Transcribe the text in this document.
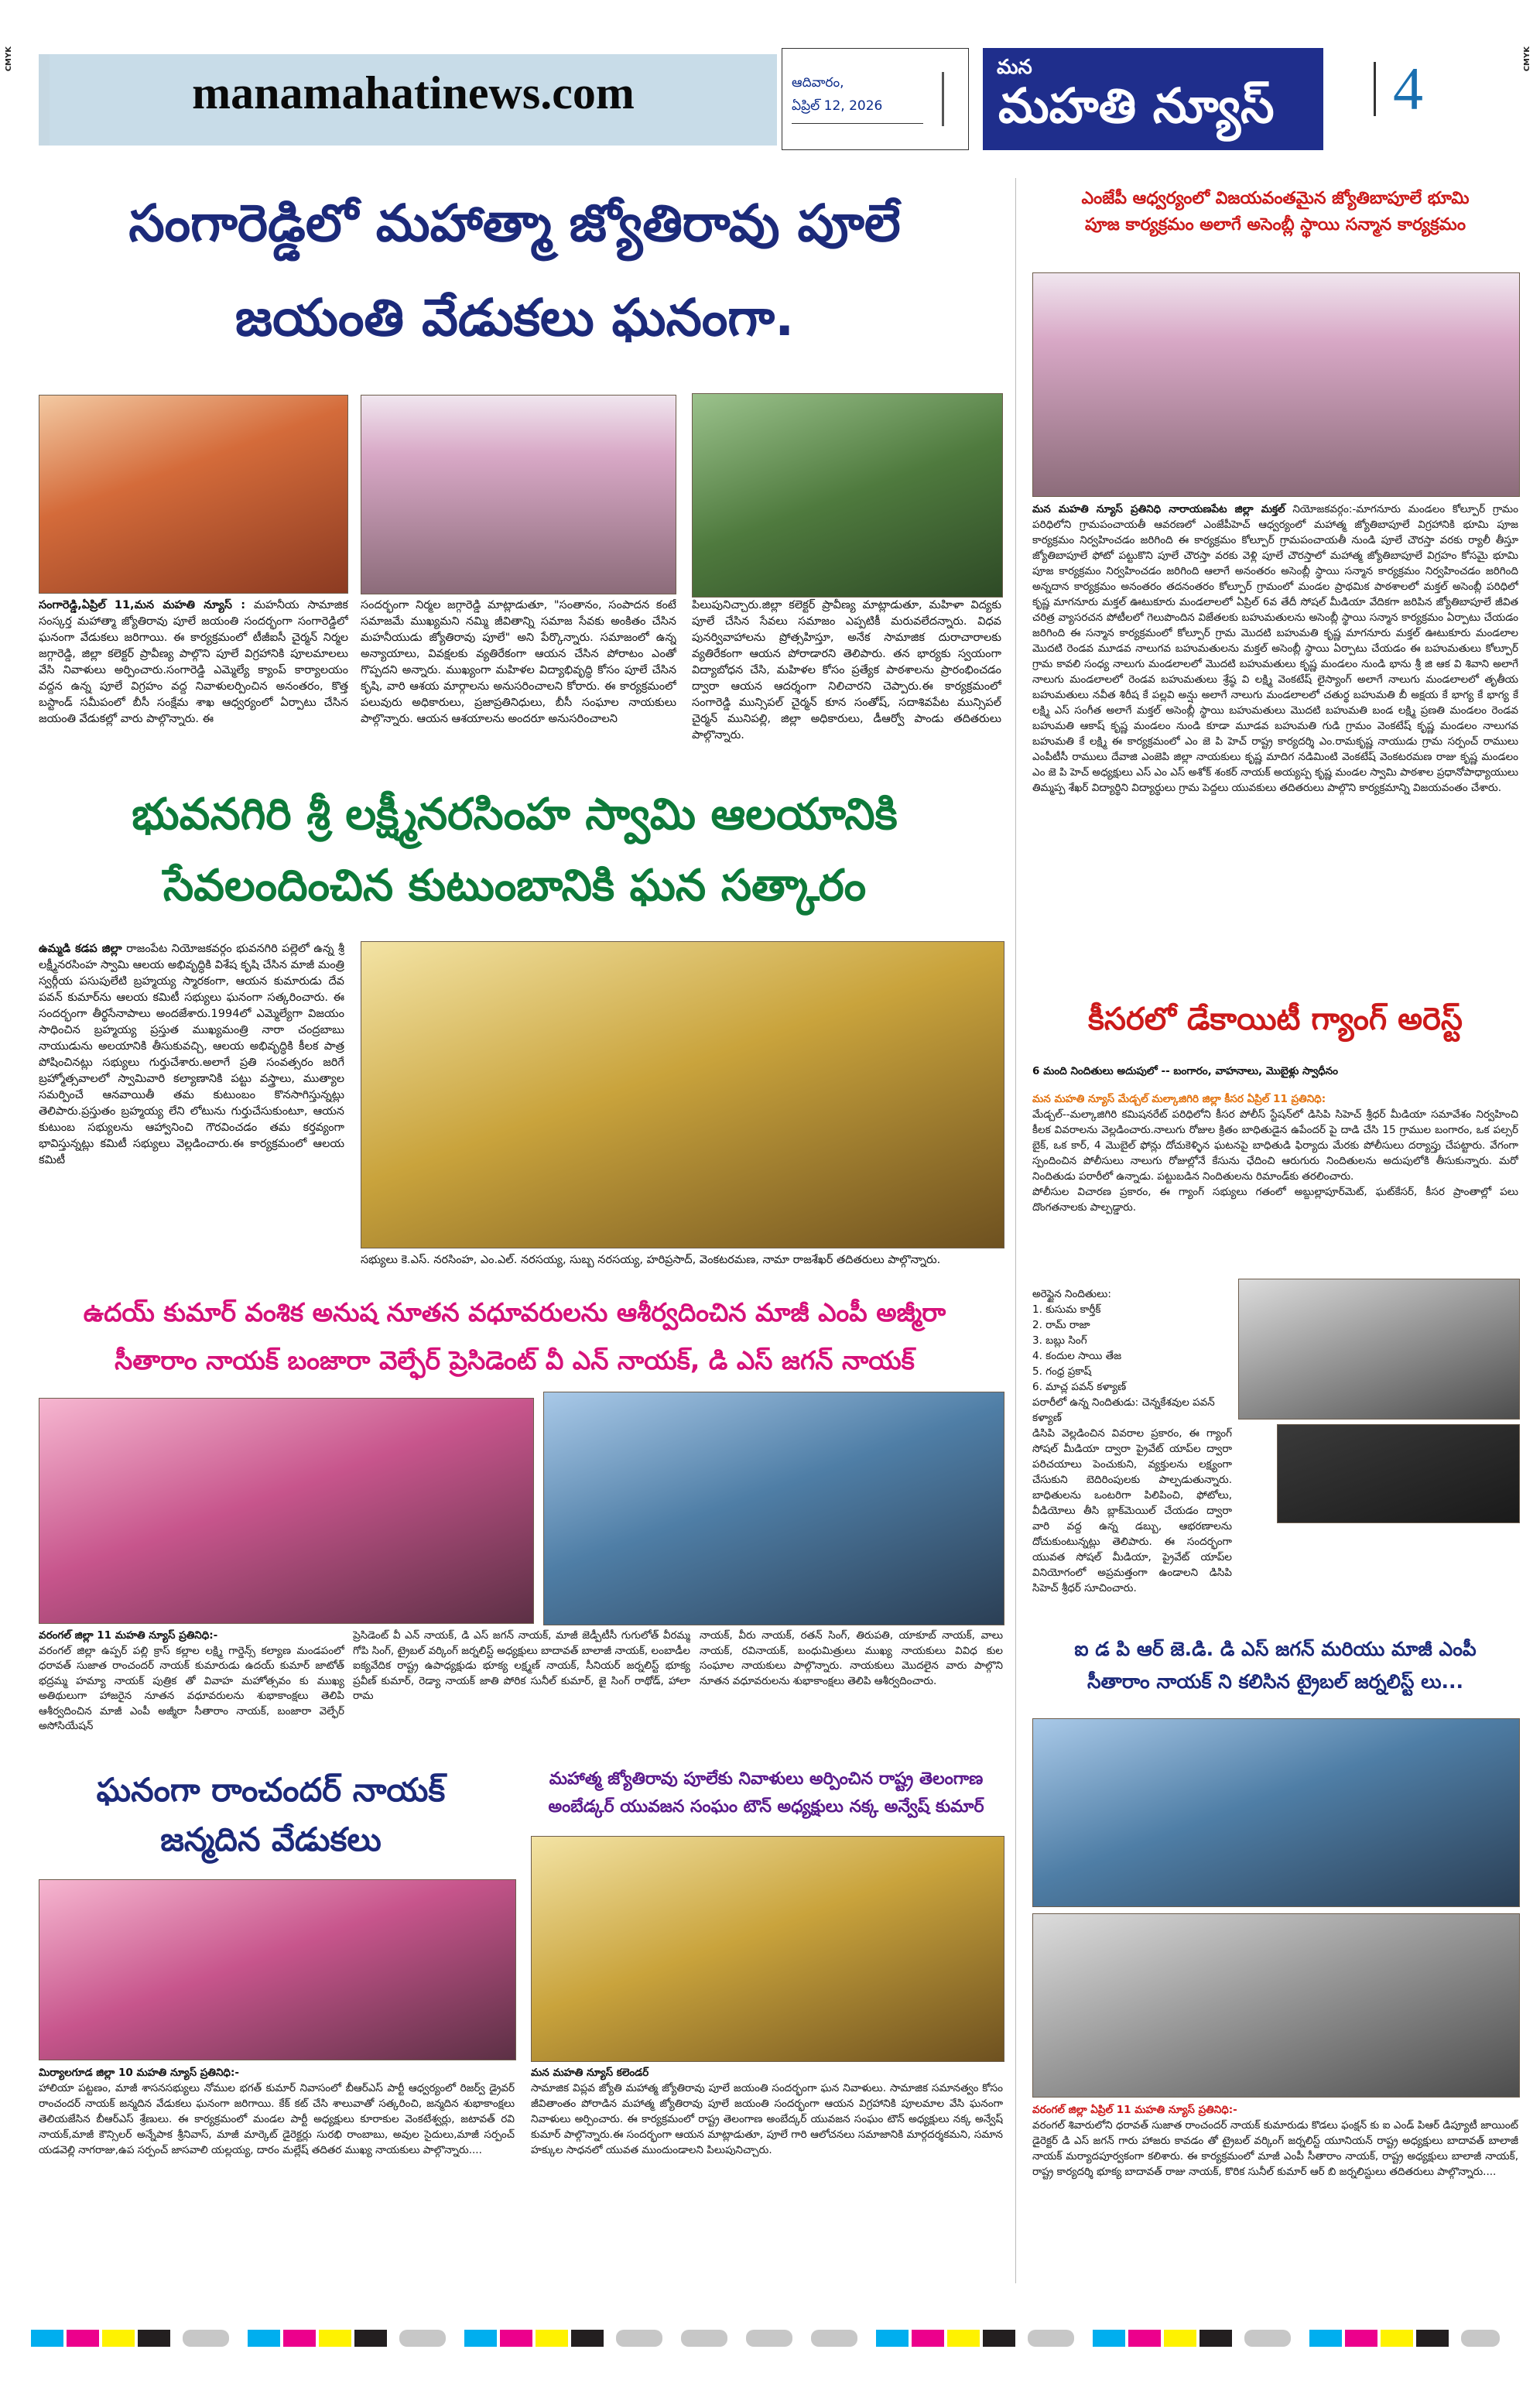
CMYK	CMYK
manamahatinews.com	ఆదివారం,
ఏప్రిల్ 12, 2026
మన
మహతి న్యూస్ 4
సంగారెడ్డిలో మహాత్మా జ్యోతిరావు పూలే
జయంతి వేడుకలు ఘనంగా.
సంగారెడ్డి,ఏప్రిల్ 11,మన మహతి న్యూస్ : మహనీయ సామాజిక సంస్కర్త మహాత్మా జ్యోతిరావు పూలే జయంతి సందర్భంగా సంగారెడ్డిలో ఘనంగా వేడుకలు జరిగాయి. ఈ కార్యక్రమంలో టీజీఐసీ చైర్మన్ నిర్మల జగ్గారెడ్డి, జిల్లా కలెక్టర్ ప్రావీణ్య పాల్గొని పూలే విగ్రహానికి పూలమాలలు వేసి నివాళులు అర్పించారు.సంగారెడ్డి ఎమ్మెల్యే క్యాంప్ కార్యాలయం వద్దన ఉన్న పూలే విగ్రహం వద్ద నివాళులర్పించిన అనంతరం, కొత్త బస్టాండ్ సమీపంలో బీసీ సంక్షేమ శాఖ ఆధ్వర్యంలో ఏర్పాటు చేసిన జయంతి వేడుకల్లో వారు పాల్గొన్నారు. ఈ
సందర్భంగా నిర్మల జగ్గారెడ్డి మాట్లాడుతూ, "సంతానం, సంపాదన కంటే సమాజమే ముఖ్యమని నమ్మి జీవితాన్ని సమాజ సేవకు అంకితం చేసిన మహనీయుడు జ్యోతిరావు పూలే" అని పేర్కొన్నారు. సమాజంలో ఉన్న అన్యాయాలు, వివక్షలకు వ్యతిరేకంగా ఆయన చేసిన పోరాటం ఎంతో గొప్పదని అన్నారు. ముఖ్యంగా మహిళల విద్యాభివృద్ధి కోసం పూలే చేసిన కృషి, వారి ఆశయ మార్గాలను అనుసరించాలని కోరారు. ఈ కార్యక్రమంలో పలువురు అధికారులు, ప్రజాప్రతినిధులు, బీసీ సంఘాల నాయకులు పాల్గొన్నారు. ఆయన ఆశయాలను అందరూ అనుసరించాలని
పిలుపునిచ్చారు.జిల్లా కలెక్టర్ ప్రావీణ్య మాట్లాడుతూ, మహిళా విద్యకు పూలే చేసిన సేవలు సమాజం ఎప్పటికీ మరువలేదన్నారు. విధవ పునర్వివాహాలను ప్రోత్సహిస్తూ, అనేక సామాజిక దురాచారాలకు వ్యతిరేకంగా ఆయన పోరాడారని తెలిపారు. తన భార్యకు స్వయంగా విద్యాబోధన చేసి, మహిళల కోసం ప్రత్యేక పాఠశాలను ప్రారంభించడం ద్వారా ఆయన ఆదర్శంగా నిలిచారని చెప్పారు.ఈ కార్యక్రమంలో సంగారెడ్డి మున్సిపల్ చైర్మన్ కూన సంతోష్, సదాశివపేట మున్సిపల్ చైర్మన్ మునిపల్లి, జిల్లా అధికారులు, డీఆర్వో పాండు తదితరులు పాల్గొన్నారు.
భువనగిరి శ్రీ లక్ష్మీనరసింహ స్వామి ఆలయానికి
సేవలందించిన కుటుంబానికి ఘన సత్కారం
ఉమ్మడి కడప జిల్లా రాజంపేట నియోజకవర్గం భువనగిరి పల్లెలో ఉన్న శ్రీ లక్ష్మీనరసింహ స్వామి ఆలయ అభివృద్ధికి విశేష కృషి చేసిన మాజీ మంత్రి స్వర్గీయ పసుపులేటి బ్రహ్మయ్య స్మారకంగా, ఆయన కుమారుడు దేవ పవన్ కుమార్‌ను ఆలయ కమిటీ సభ్యులు ఘనంగా సత్కరించారు. ఈ సందర్భంగా తీర్థసేనాపాలు అందజేశారు.1994లో ఎమ్మెల్యేగా విజయం సాధించిన బ్రహ్మయ్య ప్రస్తుత ముఖ్యమంత్రి నారా చంద్రబాబు నాయుడును అలయానికి తీసుకువచ్చి, ఆలయ అభివృద్ధికి కీలక పాత్ర పోషించినట్లు సభ్యులు గుర్తుచేశారు.అలాగే ప్రతి సంవత్సరం జరిగే బ్రహ్మోత్సవాలలో స్వామివారి కల్యాణానికి పట్టు వస్త్రాలు, ముత్యాల సమర్పించే ఆనవాయితీ తమ కుటుంబం కొనసాగిస్తున్నట్లు తెలిపారు.ప్రస్తుతం బ్రహ్మయ్య లేని లోటును గుర్తుచేసుకుంటూ, ఆయన కుటుంబ సభ్యులను ఆహ్వానించి గౌరవించడం తమ కర్తవ్యంగా భావిస్తున్నట్లు కమిటీ సభ్యులు వెల్లడించారు.ఈ కార్యక్రమంలో ఆలయ కమిటీ
సభ్యులు కె.ఎస్. నరసింహ, ఎం.ఎల్. నరసయ్య, సుబ్బ నరసయ్య, హరిప్రసాద్, వెంకటరమణ, నామా రాజశేఖర్ తదితరులు పాల్గొన్నారు.
ఉదయ్ కుమార్ వంశిక అనుష నూతన వధూవరులను ఆశీర్వదించిన మాజీ ఎంపీ అజ్మీరా
సీతారాం నాయక్ బంజారా వెల్ఫేర్ ప్రెసిడెంట్ వీ ఎన్ నాయక్, డి ఎస్ జగన్ నాయక్
వరంగల్ జిల్లా 11 మహతి న్యూస్ ప్రతినిధి:-
వరంగల్ జిల్లా ఉప్పర్ పల్లి క్రాస్ కల్లాల లక్ష్మి గార్డెన్స్ కల్యాణ మండపంలో ధరావత్ సుజాత రాంచందర్ నాయక్ కుమారుడు ఉదయ్ కుమార్ జాటోత్ భద్రమ్మ హమ్యా నాయక్ పుత్రిక తో వివాహ మహోత్సవం కు ముఖ్య అతిథులుగా హాజరైన నూతన వధూవరులను శుభాకాంక్షలు తెలిపి ఆశీర్వదించిన మాజీ ఎంపీ అజ్మీరా సీతారాం నాయక్, బంజారా వెల్ఫేర్ అసోసియేషన్
ప్రెసిడెంట్ వీ ఎన్ నాయక్, డి ఎస్ జగన్ నాయక్, మాజీ జెడ్పీటీసీ గుగులోత్ వీరమ్మ గోపి సింగ్, ట్రైబల్ వర్కింగ్ జర్నలిస్ట్ అధ్యక్షులు బాదావత్ బాలాజీ నాయక్, లంబాడీల ఐక్యవేదిక రాష్ట్ర ఉపాధ్యక్షుడు భూక్య లక్ష్మణ్ నాయక్, సీనియర్ జర్నలిస్ట్ భూక్య ప్రవీణ్ కుమార్, రెడ్యా నాయక్ జాతి పోరిక సునీల్ కుమార్, జై సింగ్ రాథోడ్, హాలా రామ
నాయక్, వీరు నాయక్, రతన్ సింగ్, తిరుపతి, యాకూబ్ నాయక్, వాలు నాయక్, రవినాయక్, బంధుమిత్రులు ముఖ్య నాయకులు వివిధ కుల సంఘాల నాయకులు పాల్గొన్నారు. నాయకులు మొదలైన వారు పాల్గొని నూతన వధూవరులను శుభాకాంక్షలు తెలిపి ఆశీర్వదించారు.
ఘనంగా రాంచందర్ నాయక్
జన్మదిన వేడుకలు
మిర్యాలగూడ జిల్లా 10 మహతి న్యూస్ ప్రతినిధి:-
హాలియా పట్టణం, మాజీ శాసనసభ్యులు నోముల భగత్ కుమార్ నివాసంలో బీఆర్ఎస్ పార్టీ ఆధ్వర్యంలో రిజర్వ్ డ్రైవర్ రాంచందర్ నాయక్ జన్మదిన వేడుకలు ఘనంగా జరిగాయి. కేక్ కట్ చేసి శాలువాతో సత్కరించి, జన్మదిన శుభాకాంక్షలు తెలియజేసిన బీఆర్ఎస్ శ్రేణులు. ఈ కార్యక్రమంలో మండల పార్టీ అధ్యక్షులు కూరాకుల వెంకటేశ్వర్లు, జటావత్ రవి నాయక్,మాజీ కౌన్సిలర్ అన్నేపాక శ్రీనివాస్, మాజీ మార్కెట్ డైరెక్టర్లు సురభి రాంబాబు, అవుల సైదులు,మాజీ సర్పంచ్ యడవెల్లి నాగరాజు,ఉప సర్పంచ్ జాసవాలి యల్లయ్య, దారం మల్లేష్ తదితర ముఖ్య నాయకులు పాల్గొన్నారు....
మహాత్మ జ్యోతిరావు పూలేకు నివాళులు అర్పించిన రాష్ట్ర తెలంగాణ
అంబేడ్కర్ యువజన సంఘం టౌన్ అధ్యక్షులు నక్క అన్వేష్ కుమార్
మన మహతి న్యూస్ కలెండర్
సామాజిక విప్లవ జ్యోతి మహాత్మ జ్యోతిరావు పూలే జయంతి సందర్భంగా ఘన నివాళులు. సామాజిక సమానత్వం కోసం జీవితాంతం పోరాడిన మహాత్మ జ్యోతిరావు పూలే జయంతి సందర్భంగా ఆయన విగ్రహానికి పూలమాల వేసి ఘనంగా నివాళులు అర్పించారు. ఈ కార్యక్రమంలో రాష్ట్ర తెలంగాణ అంబేద్కర్ యువజన సంఘం టౌన్ అధ్యక్షులు నక్క అన్వేష్ కుమార్ పాల్గొన్నారు.ఈ సందర్భంగా ఆయన మాట్లాడుతూ, పూలే గారి ఆలోచనలు సమాజానికి మార్గదర్శకమని, సమాన హక్కుల సాధనలో యువత ముందుండాలని పిలుపునిచ్చారు.
ఎంజేపీ ఆధ్వర్యంలో విజయవంతమైన జ్యోతిబాపూలే భూమి
పూజ కార్యక్రమం అలాగే అసెంబ్లీ స్థాయి సన్మాన కార్యక్రమం
మన మహతి న్యూస్ ప్రతినిధి నారాయణపేట జిల్లా మక్తల్ నియోజకవర్గం:-మాగనూరు మండలం కోల్పూర్ గ్రామం పరిధిలోని గ్రామపంచాయతీ ఆవరణలో ఎంజేపీహెచ్ ఆధ్వర్యంలో మహాత్మ జ్యోతిబాపూలే విగ్రహానికి భూమి పూజ కార్యక్రమం నిర్వహించడం జరిగింది ఈ కార్యక్రమం కోల్పూర్ గ్రామపంచాయతీ నుండి పూలే చౌరస్తా వరకు ర్యాలీ తీస్తూ జ్యోతిబాపూలే ఫోటో పట్టుకొని పూలే చౌరస్తా వరకు వెళ్లి పూలే చౌరస్తాలో మహాత్మ జ్యోతిబాపూలే విగ్రహం కోసమై భూమి పూజ కార్యక్రమం నిర్వహించడం జరిగింది ఆలాగే అనంతరం అసెంబ్లీ స్థాయి సన్మాన కార్యక్రమం నిర్వహించడం జరిగింది అన్నదాన కార్యక్రమం అనంతరం తదనంతరం కోల్పూర్ గ్రామంలో మండల ప్రాథమిక పాఠశాలలో మక్తల్ అసెంబ్లీ పరిధిలో కృష్ణ మాగనూరు మక్తల్ ఊటుకూరు మండలాలలో ఏప్రిల్ 6వ తేదీ సోషల్ మీడియా వేదికగా జరిపిన జ్యోతిబాపూలే జీవిత చరిత్ర వ్యాసరచన పోటీలలో గెలుపొందిన విజేతలకు బహుమతులను అసెంబ్లీ స్థాయి సన్మాన కార్యక్రమం ఏర్పాటు చేయడం జరిగింది ఈ సన్మాన కార్యక్రమంలో కోల్పూర్ గ్రామ మొదటి బహుమతి కృష్ణ మాగనూరు మక్తల్ ఊటుకూరు మండలాల మొదటి రెండవ మూడవ నాలుగవ బహుమతులను మక్తల్ అసెంబ్లీ స్థాయి ఏర్పాటు చేయడం ఈ బహుమతులు కోల్పూర్ గ్రామ కావలి సంధ్య నాలుగు మండలాలలో మొదటి బహుమతులు కృష్ణ మండలం నుండి భాను శ్రీ జి ఆక వి శివాని అలాగే నాలుగు మండలాలలో రెండవ బహుమతులు శ్రేష్ఠ వి లక్ష్మి వెంకటేష్ లైస్యాంగ్ అలాగే నాలుగు మండలాలలో తృతీయ బహుమతులు నవీత శిరీష కే పల్లవి అన్షు అలాగే నాలుగు మండలాలలో చతుర్థ బహుమతి బీ అక్షయ కే భాగ్య కే భాగ్య కే లక్ష్మి ఎస్ సంగీత అలాగే మక్తల్ అసెంబ్లీ స్థాయి బహుమతులు మొదటి బహుమతి బండ లక్ష్మి ప్రణతి మండలం రెండవ బహుమతి ఆకాష్ కృష్ణ మండలం నుండి కూడా మూడవ బహుమతి గుడి గ్రామం వెంకటేష్ కృష్ణ మండలం నాలుగవ బహుమతి కే లక్ష్మి ఈ కార్యక్రమంలో ఎం జె పి హెచ్ రాష్ట్ర కార్యదర్శి ఎం.రామకృష్ణ నాయుడు గ్రామ సర్పంచ్ రాములు ఎంపీటీసీ రాములు దేవాజి ఎంజెపి జిల్లా నాయకులు కృష్ణ మాదిగ నడిమింటి వెంకటేష్ వెంకటరమణ రాజు కృష్ణ మండలం ఎం జె పి హెచ్ అధ్యక్షులు ఎస్ ఎం ఎస్ అశోక్ శంకర్ నాయక్ అయ్యప్ప కృష్ణ మండల స్వామి పాఠశాల ప్రధానోపాధ్యాయులు తిమ్మప్ప శేఖర్ విద్యార్థిని విద్యార్థులు గ్రామ పెద్దలు యువకులు తదితరులు పాల్గొని కార్యక్రమాన్ని విజయవంతం చేశారు.
కీసరలో డేకాయిటీ గ్యాంగ్ అరెస్ట్
6 మంది నిందితులు అదుపులో -- బంగారం, వాహనాలు, మొబైళ్లు స్వాధీనం
మన మహతి న్యూస్ మేడ్చల్ మల్కాజిగిరి జిల్లా కీసర ఏప్రిల్ 11 ప్రతినిధి:
మేడ్చల్--మల్కాజిగిరి కమిషనరేట్ పరిధిలోని కీసర పోలీస్ స్టేషన్‌లో డిసిపి సిహెచ్ శ్రీధర్ మీడియా సమావేశం నిర్వహించి కీలక వివరాలను వెల్లడించారు.నాలుగు రోజుల క్రితం బాధితుడైన ఉపేందర్ పై దాడి చేసి 15 గ్రాముల బంగారం, ఒక పల్సర్ బైక్, ఒక కార్, 4 మొబైల్ ఫోన్లు దోచుకెళ్ళిన ఘటనపై బాధితుడి ఫిర్యాదు మేరకు పోలీసులు దర్యాప్తు చేపట్టారు. వేగంగా స్పందించిన పోలీసులు నాలుగు రోజుల్లోనే కేసును ఛేదించి ఆరుగురు నిందితులను అదుపులోకి తీసుకున్నారు. మరో నిందితుడు పరారీలో ఉన్నాడు. పట్టుబడిన నిందితులను రిమాండ్‌కు తరలించారు.
పోలీసుల విచారణ ప్రకారం, ఈ గ్యాంగ్ సభ్యులు గతంలో అబ్దుల్లాపూర్‌మెట్, ఘట్‌కేసర్, కీసర ప్రాంతాల్లో పలు దొంగతనాలకు పాల్పడ్డారు.
అరెస్టైన నిందితులు:
1. కుసుమ కార్తీక్
2. రామ్ రాజా
3. బబ్లు సింగ్
4. కందుల సాయి తేజ
5. గంధ్ర ప్రకాష్
6. మాచ్ల పవన్ కళ్యాణ్
పరారీలో ఉన్న నిందితుడు: చెన్నకేశవుల పవన్ కళ్యాణ్
డిసిపి వెల్లడించిన వివరాల ప్రకారం, ఈ గ్యాంగ్ సోషల్ మీడియా ద్వారా ప్రైవేట్ యాప్‌ల ద్వారా పరిచయాలు పెంచుకుని, వ్యక్తులను లక్ష్యంగా చేసుకుని బెదిరింపులకు పాల్పడుతున్నారు. బాధితులను ఒంటరిగా పిలిపించి, ఫోటోలు, వీడియోలు తీసి బ్లాక్‌మెయిల్ చేయడం ద్వారా వారి వద్ద ఉన్న డబ్బు, ఆభరణాలను దోచుకుంటున్నట్లు తెలిపారు. ఈ సందర్భంగా యువత సోషల్ మీడియా, ప్రైవేట్ యాప్‌ల వినియోగంలో అప్రమత్తంగా ఉండాలని డిసిపి సిహెచ్ శ్రీధర్ సూచించారు.
ఐ డ పి ఆర్ జె.డి. డి ఎస్ జగన్ మరియు మాజీ ఎంపీ
సీతారాం నాయక్ ని కలిసిన ట్రైబల్ జర్నలిస్ట్ లు...
వరంగల్ జిల్లా ఏప్రిల్ 11 మహతి న్యూస్ ప్రతినిధి:-
వరంగల్ శివారులోని ధరావత్ సుజాత రాంచందర్ నాయక్ కుమారుడు కొడలు ఫంక్షన్ కు ఐ ఎండ్ పిఆర్ డిప్యూటీ జాయింట్ డైరెక్టర్ డి ఎస్ జగన్ గారు హాజరు కావడం తో ట్రైబల్ వర్కింగ్ జర్నలిస్ట్ యూనియన్ రాష్ట్ర అధ్యక్షులు బాదావత్ బాలాజీ నాయక్ మర్యాదపూర్వకంగా కలిశారు. ఈ కార్యక్రమంలో మాజీ ఎంపీ సీతారాం నాయక్, రాష్ట్ర అధ్యక్షులు బాలాజీ నాయక్, రాష్ట్ర కార్యదర్శి భూక్య బాదావత్ రాజు నాయక్, కొరిక సునీల్ కుమార్ ఆర్ బి జర్నలిస్టులు తదితరులు పాల్గొన్నారు....
